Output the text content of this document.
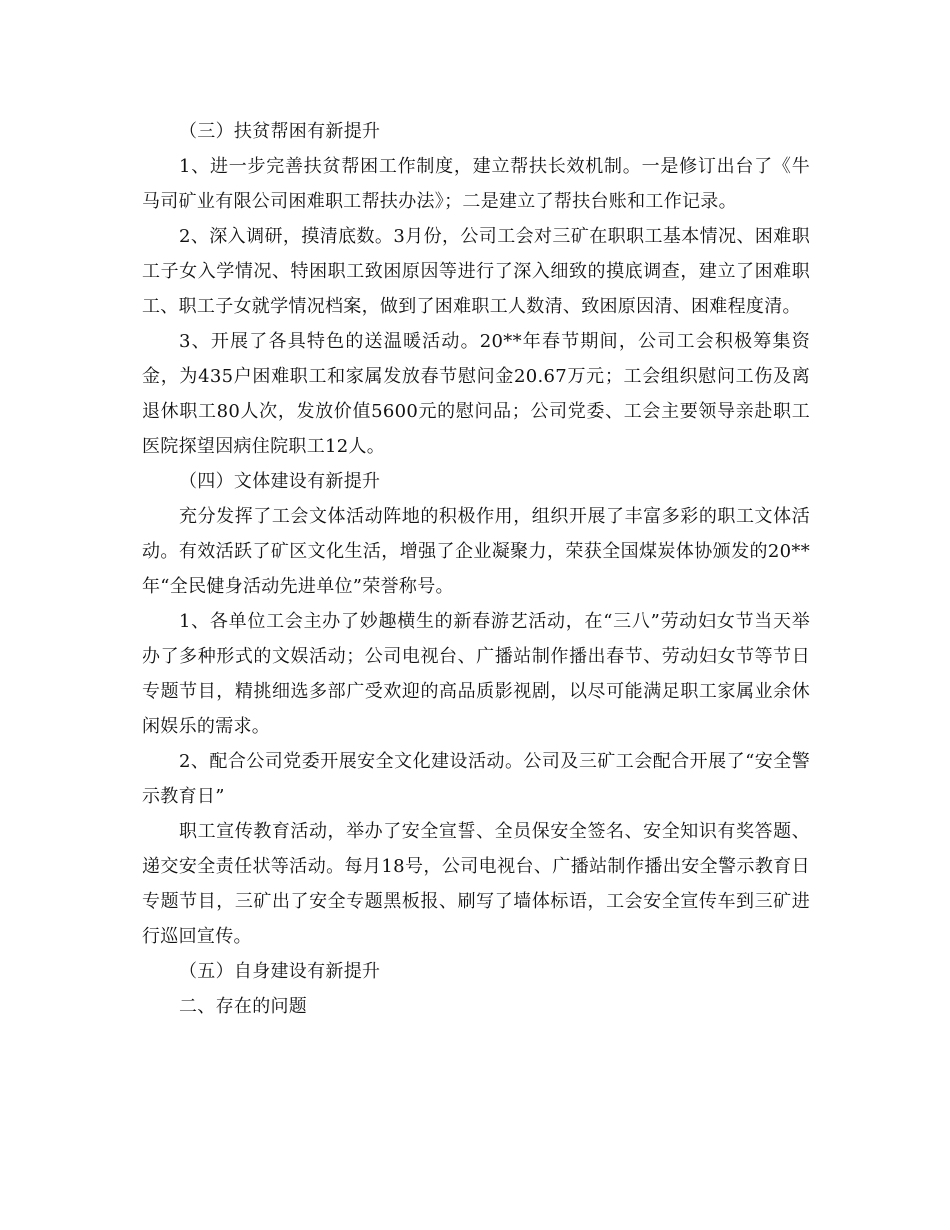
（三）扶贫帮困有新提升

1、进一步完善扶贫帮困工作制度，建立帮扶长效机制。一是修订出台了《牛马司矿业有限公司困难职工帮扶办法》；二是建立了帮扶台账和工作记录。

2、深入调研，摸清底数。3月份，公司工会对三矿在职职工基本情况、困难职工子女入学情况、特困职工致困原因等进行了深入细致的摸底调查，建立了困难职工、职工子女就学情况档案，做到了困难职工人数清、致困原因清、困难程度清。

3、开展了各具特色的送温暖活动。20**年春节期间，公司工会积极筹集资金，为435户困难职工和家属发放春节慰问金20.67万元；工会组织慰问工伤及离退休职工80人次，发放价值5600元的慰问品；公司党委、工会主要领导亲赴职工医院探望因病住院职工12人。

（四）文体建设有新提升

充分发挥了工会文体活动阵地的积极作用，组织开展了丰富多彩的职工文体活动。有效活跃了矿区文化生活，增强了企业凝聚力，荣获全国煤炭体协颁发的20**年“全民健身活动先进单位”荣誉称号。

1、各单位工会主办了妙趣横生的新春游艺活动，在“三八”劳动妇女节当天举办了多种形式的文娱活动；公司电视台、广播站制作播出春节、劳动妇女节等节日专题节目，精挑细选多部广受欢迎的高品质影视剧，以尽可能满足职工家属业余休闲娱乐的需求。

2、配合公司党委开展安全文化建设活动。公司及三矿工会配合开展了“安全警示教育日”

职工宣传教育活动，举办了安全宣誓、全员保安全签名、安全知识有奖答题、递交安全责任状等活动。每月18号，公司电视台、广播站制作播出安全警示教育日专题节目，三矿出了安全专题黑板报、刷写了墙体标语，工会安全宣传车到三矿进行巡回宣传。

（五）自身建设有新提升

二、存在的问题
